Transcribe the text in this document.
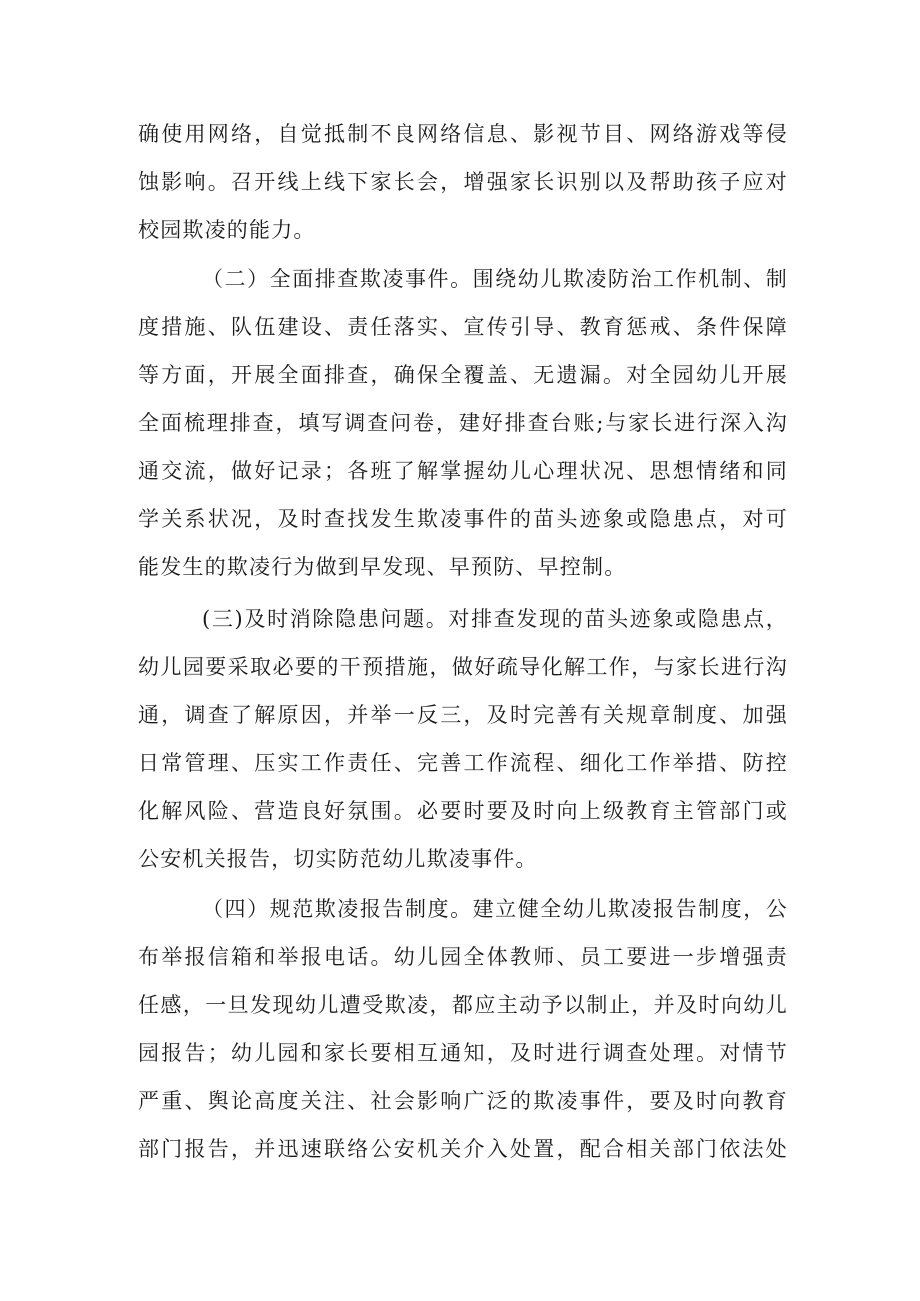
确使用网络，自觉抵制不良网络信息、影视节目、网络游戏等侵
蚀影响。召开线上线下家长会，增强家长识别以及帮助孩子应对
校园欺凌的能力。
（二）全面排查欺凌事件。围绕幼儿欺凌防治工作机制、制
度措施、队伍建设、责任落实、宣传引导、教育惩戒、条件保障
等方面，开展全面排查，确保全覆盖、无遗漏。对全园幼儿开展
全面梳理排查，填写调查问卷，建好排查台账;与家长进行深入沟
通交流，做好记录；各班了解掌握幼儿心理状况、思想情绪和同
学关系状况，及时查找发生欺凌事件的苗头迹象或隐患点，对可
能发生的欺凌行为做到早发现、早预防、早控制。
(三)及时消除隐患问题。对排查发现的苗头迹象或隐患点，
幼儿园要采取必要的干预措施，做好疏导化解工作，与家长进行沟
通，调查了解原因，并举一反三，及时完善有关规章制度、加强
日常管理、压实工作责任、完善工作流程、细化工作举措、防控
化解风险、营造良好氛围。必要时要及时向上级教育主管部门或
公安机关报告，切实防范幼儿欺凌事件。
（四）规范欺凌报告制度。建立健全幼儿欺凌报告制度，公
布举报信箱和举报电话。幼儿园全体教师、员工要进一步增强责
任感，一旦发现幼儿遭受欺凌，都应主动予以制止，并及时向幼儿
园报告；幼儿园和家长要相互通知，及时进行调查处理。对情节
严重、舆论高度关注、社会影响广泛的欺凌事件，要及时向教育
部门报告，并迅速联络公安机关介入处置，配合相关部门依法处
